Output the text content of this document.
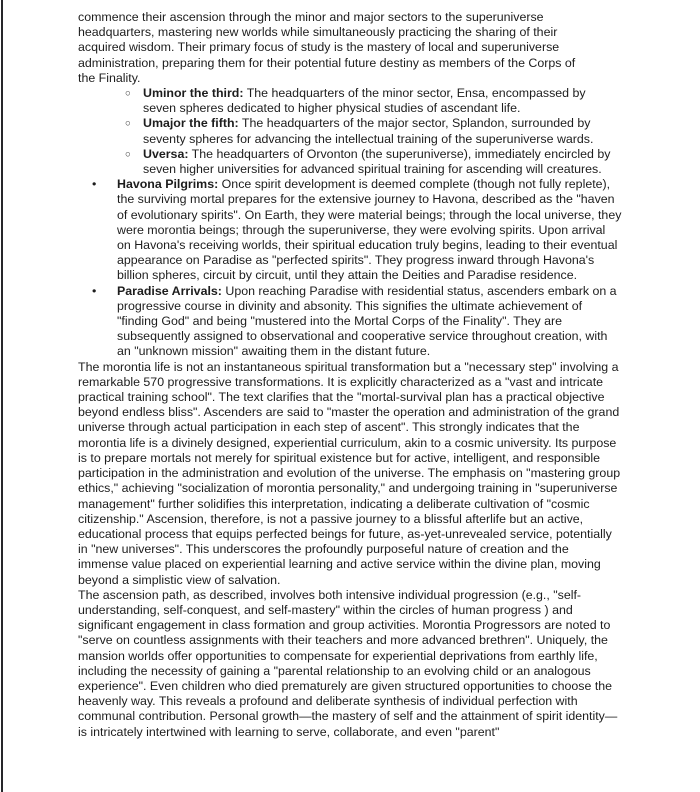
commence their ascension through the minor and major sectors to the superuniverse headquarters, mastering new worlds while simultaneously practicing the sharing of their acquired wisdom. Their primary focus of study is the mastery of local and superuniverse administration, preparing them for their potential future destiny as members of the Corps of the Finality.

○ Uminor the third: The headquarters of the minor sector, Ensa, encompassed by seven spheres dedicated to higher physical studies of ascendant life.
○ Umajor the fifth: The headquarters of the major sector, Splandon, surrounded by seventy spheres for advancing the intellectual training of the superuniverse wards.
○ Uversa: The headquarters of Orvonton (the superuniverse), immediately encircled by seven higher universities for advanced spiritual training for ascending will creatures.
• Havona Pilgrims: Once spirit development is deemed complete (though not fully replete), the surviving mortal prepares for the extensive journey to Havona, described as the "haven of evolutionary spirits". On Earth, they were material beings; through the local universe, they were morontia beings; through the superuniverse, they were evolving spirits. Upon arrival on Havona's receiving worlds, their spiritual education truly begins, leading to their eventual appearance on Paradise as "perfected spirits". They progress inward through Havona's billion spheres, circuit by circuit, until they attain the Deities and Paradise residence.
• Paradise Arrivals: Upon reaching Paradise with residential status, ascenders embark on a progressive course in divinity and absonity. This signifies the ultimate achievement of "finding God" and being "mustered into the Mortal Corps of the Finality". They are subsequently assigned to observational and cooperative service throughout creation, with an "unknown mission" awaiting them in the distant future.

The morontia life is not an instantaneous spiritual transformation but a "necessary step" involving a remarkable 570 progressive transformations. It is explicitly characterized as a "vast and intricate practical training school". The text clarifies that the "mortal-survival plan has a practical objective beyond endless bliss". Ascenders are said to "master the operation and administration of the grand universe through actual participation in each step of ascent". This strongly indicates that the morontia life is a divinely designed, experiential curriculum, akin to a cosmic university. Its purpose is to prepare mortals not merely for spiritual existence but for active, intelligent, and responsible participation in the administration and evolution of the universe. The emphasis on "mastering group ethics," achieving "socialization of morontia personality," and undergoing training in "superuniverse management" further solidifies this interpretation, indicating a deliberate cultivation of "cosmic citizenship." Ascension, therefore, is not a passive journey to a blissful afterlife but an active, educational process that equips perfected beings for future, as-yet-unrevealed service, potentially in "new universes". This underscores the profoundly purposeful nature of creation and the immense value placed on experiential learning and active service within the divine plan, moving beyond a simplistic view of salvation.

The ascension path, as described, involves both intensive individual progression (e.g., "self-understanding, self-conquest, and self-mastery" within the circles of human progress ) and significant engagement in class formation and group activities. Morontia Progressors are noted to "serve on countless assignments with their teachers and more advanced brethren". Uniquely, the mansion worlds offer opportunities to compensate for experiential deprivations from earthly life, including the necessity of gaining a "parental relationship to an evolving child or an analogous experience". Even children who died prematurely are given structured opportunities to choose the heavenly way. This reveals a profound and deliberate synthesis of individual perfection with communal contribution. Personal growth—the mastery of self and the attainment of spirit identity—is intricately intertwined with learning to serve, collaborate, and even "parent"
